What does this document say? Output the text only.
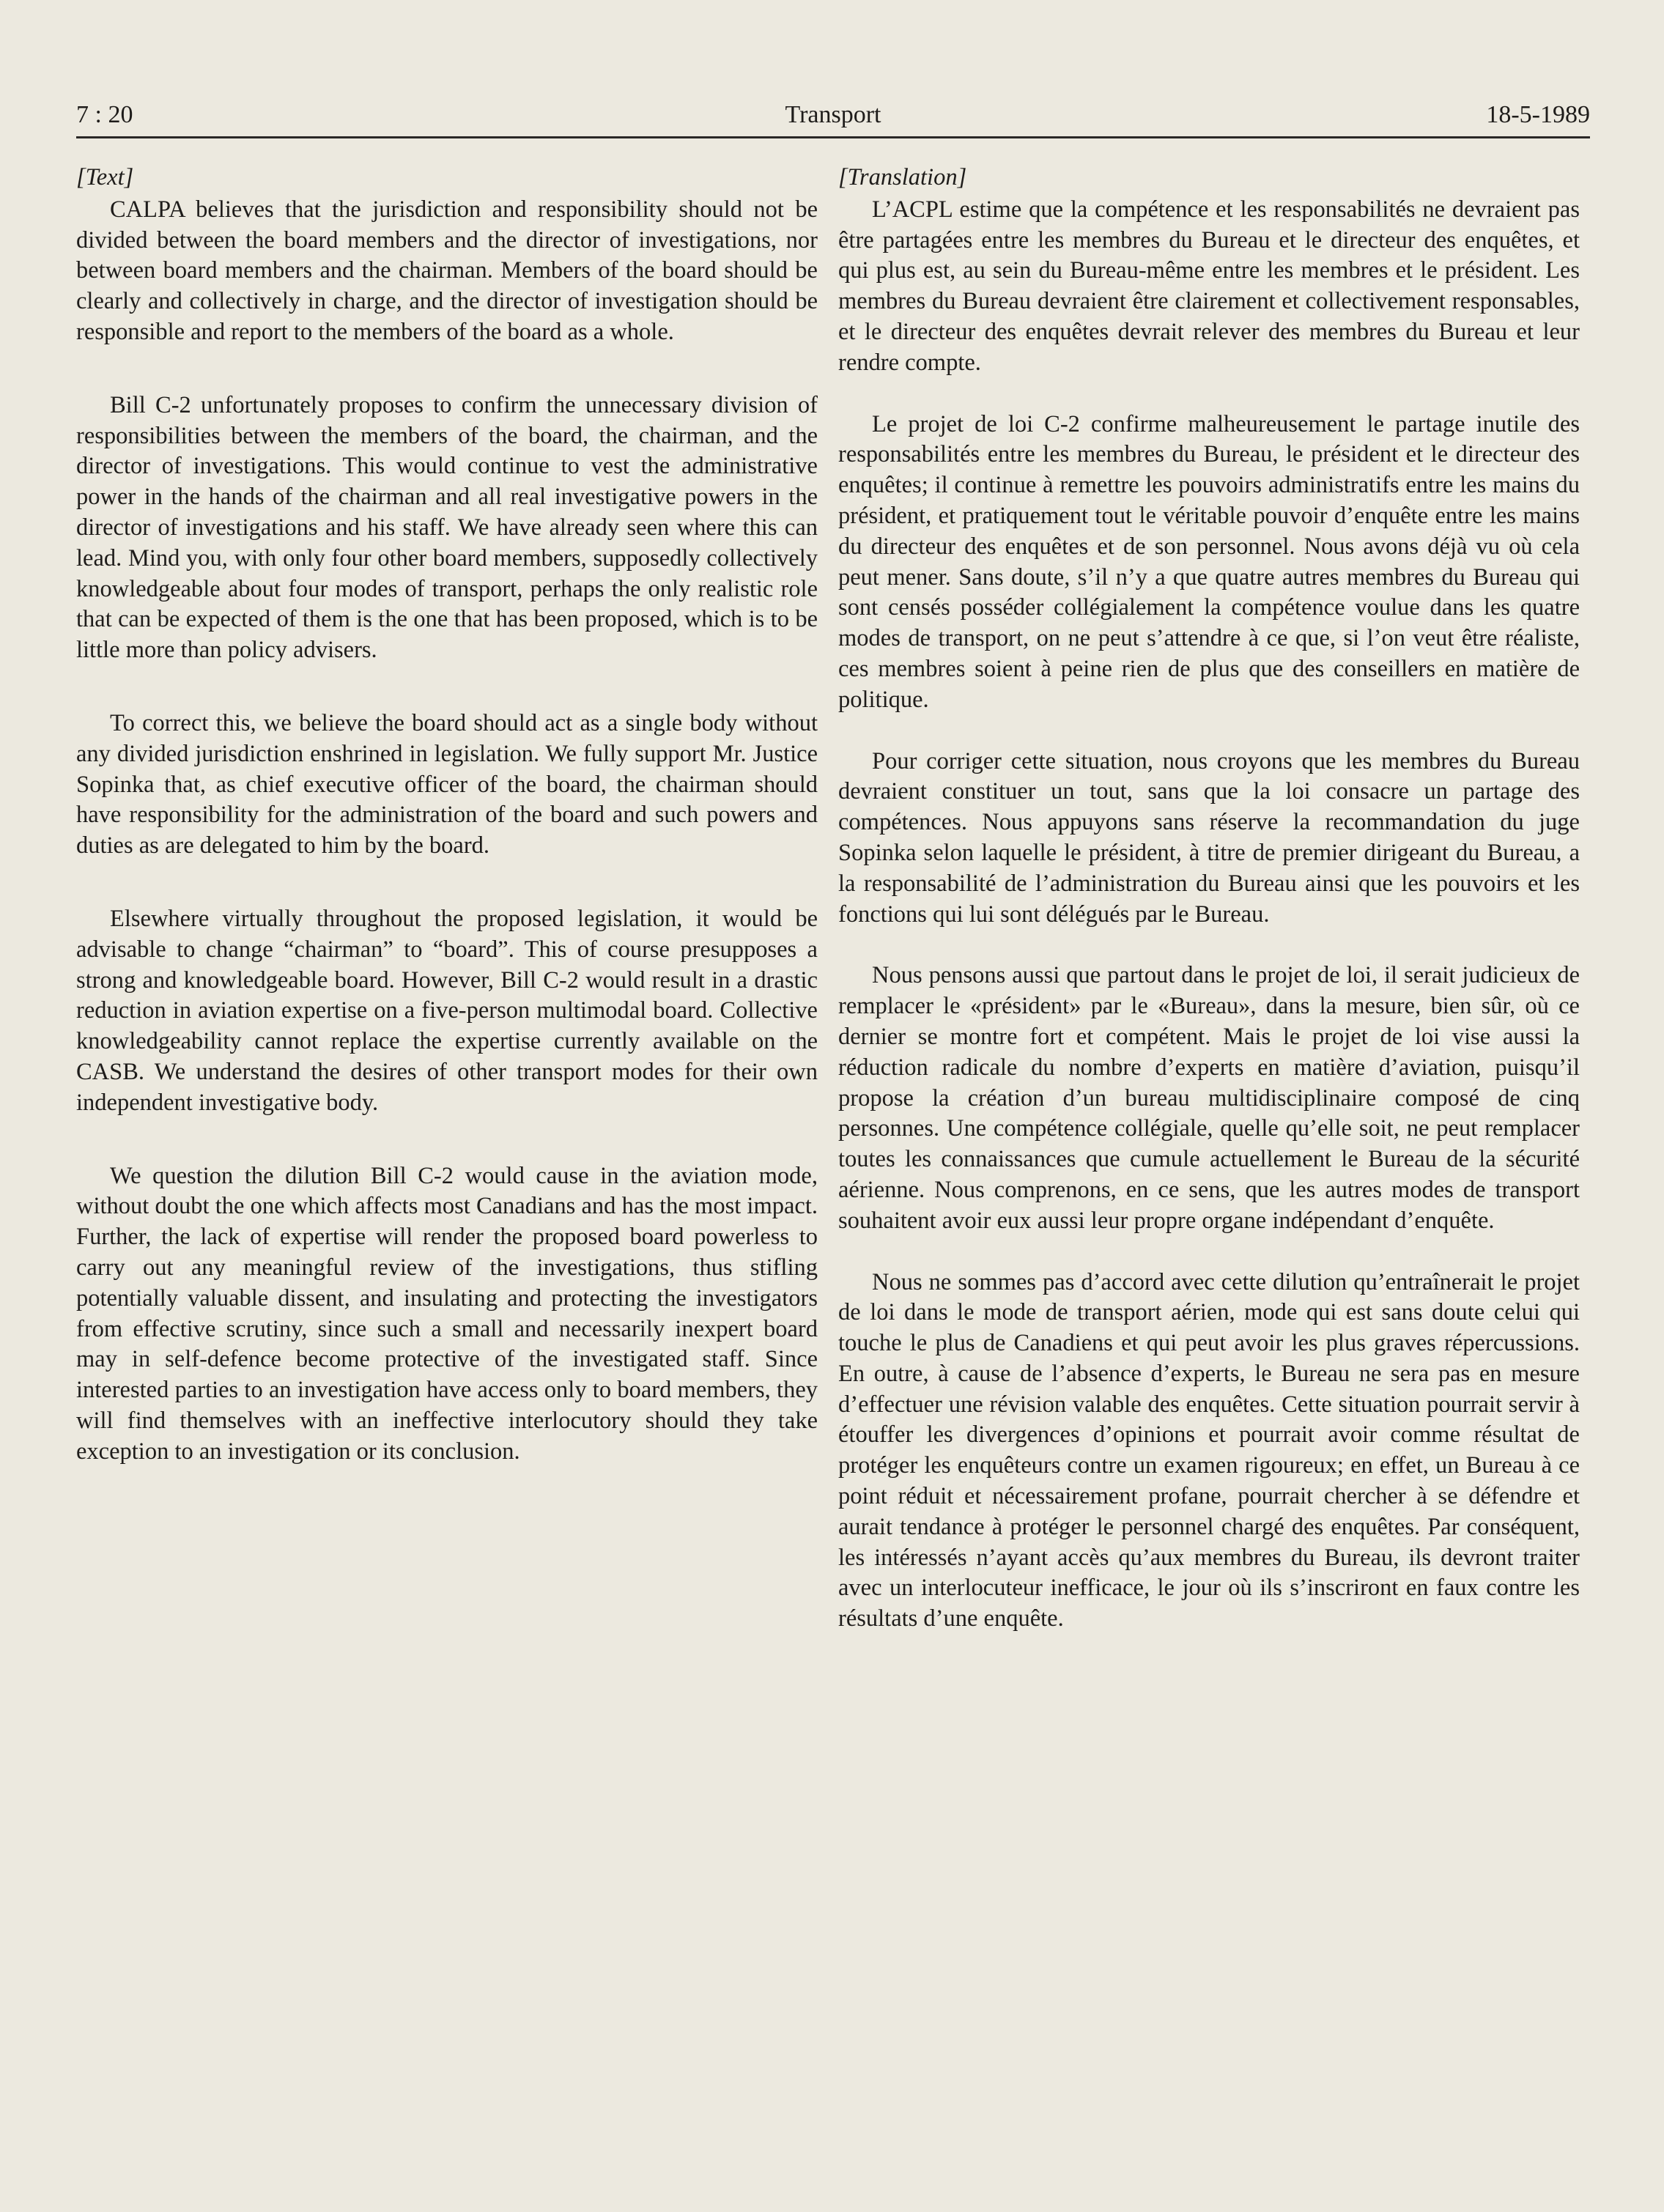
7 : 20	Transport	18-5-1989

[Text]

CALPA believes that the jurisdiction and responsibility should not be divided between the board members and the director of investigations, nor between board members and the chairman. Members of the board should be clearly and collectively in charge, and the director of investigation should be responsible and report to the members of the board as a whole.

Bill C-2 unfortunately proposes to confirm the unnecessary division of responsibilities between the members of the board, the chairman, and the director of investigations. This would continue to vest the administrative power in the hands of the chairman and all real investigative powers in the director of investigations and his staff. We have already seen where this can lead. Mind you, with only four other board members, supposedly collectively knowledgeable about four modes of transport, perhaps the only realistic role that can be expected of them is the one that has been proposed, which is to be little more than policy advisers.

To correct this, we believe the board should act as a single body without any divided jurisdiction enshrined in legislation. We fully support Mr. Justice Sopinka that, as chief executive officer of the board, the chairman should have responsibility for the administration of the board and such powers and duties as are delegated to him by the board.

Elsewhere virtually throughout the proposed legislation, it would be advisable to change “chairman” to “board”. This of course presupposes a strong and knowledgeable board. However, Bill C-2 would result in a drastic reduction in aviation expertise on a five-person multimodal board. Collective knowledgeability cannot replace the expertise currently available on the CASB. We understand the desires of other transport modes for their own independent investigative body.

We question the dilution Bill C-2 would cause in the aviation mode, without doubt the one which affects most Canadians and has the most impact. Further, the lack of expertise will render the proposed board powerless to carry out any meaningful review of the investigations, thus stifling potentially valuable dissent, and insulating and protecting the investigators from effective scrutiny, since such a small and necessarily inexpert board may in self-defence become protective of the investigated staff. Since interested parties to an investigation have access only to board members, they will find themselves with an ineffective interlocutory should they take exception to an investigation or its conclusion.

[Translation]

L’ACPL estime que la compétence et les responsabilités ne devraient pas être partagées entre les membres du Bureau et le directeur des enquêtes, et qui plus est, au sein du Bureau-même entre les membres et le président. Les membres du Bureau devraient être clairement et collectivement responsables, et le directeur des enquêtes devrait relever des membres du Bureau et leur rendre compte.

Le projet de loi C-2 confirme malheureusement le partage inutile des responsabilités entre les membres du Bureau, le président et le directeur des enquêtes; il continue à remettre les pouvoirs administratifs entre les mains du président, et pratiquement tout le véritable pouvoir d’enquête entre les mains du directeur des enquêtes et de son personnel. Nous avons déjà vu où cela peut mener. Sans doute, s’il n’y a que quatre autres membres du Bureau qui sont censés posséder collégialement la compétence voulue dans les quatre modes de transport, on ne peut s’attendre à ce que, si l’on veut être réaliste, ces membres soient à peine rien de plus que des conseillers en matière de politique.

Pour corriger cette situation, nous croyons que les membres du Bureau devraient constituer un tout, sans que la loi consacre un partage des compétences. Nous appuyons sans réserve la recommandation du juge Sopinka selon laquelle le président, à titre de premier dirigeant du Bureau, a la responsabilité de l’administration du Bureau ainsi que les pouvoirs et les fonctions qui lui sont délégués par le Bureau.

Nous pensons aussi que partout dans le projet de loi, il serait judicieux de remplacer le «président» par le «Bureau», dans la mesure, bien sûr, où ce dernier se montre fort et compétent. Mais le projet de loi vise aussi la réduction radicale du nombre d’experts en matière d’aviation, puisqu’il propose la création d’un bureau multidisciplinaire composé de cinq personnes. Une compétence collégiale, quelle qu’elle soit, ne peut remplacer toutes les connaissances que cumule actuellement le Bureau de la sécurité aérienne. Nous comprenons, en ce sens, que les autres modes de transport souhaitent avoir eux aussi leur propre organe indépendant d’enquête.

Nous ne sommes pas d’accord avec cette dilution qu’entraînerait le projet de loi dans le mode de transport aérien, mode qui est sans doute celui qui touche le plus de Canadiens et qui peut avoir les plus graves répercussions. En outre, à cause de l’absence d’experts, le Bureau ne sera pas en mesure d’effectuer une révision valable des enquêtes. Cette situation pourrait servir à étouffer les divergences d’opinions et pourrait avoir comme résultat de protéger les enquêteurs contre un examen rigoureux; en effet, un Bureau à ce point réduit et nécessairement profane, pourrait chercher à se défendre et aurait tendance à protéger le personnel chargé des enquêtes. Par conséquent, les intéressés n’ayant accès qu’aux membres du Bureau, ils devront traiter avec un interlocuteur inefficace, le jour où ils s’inscriront en faux contre les résultats d’une enquête.
